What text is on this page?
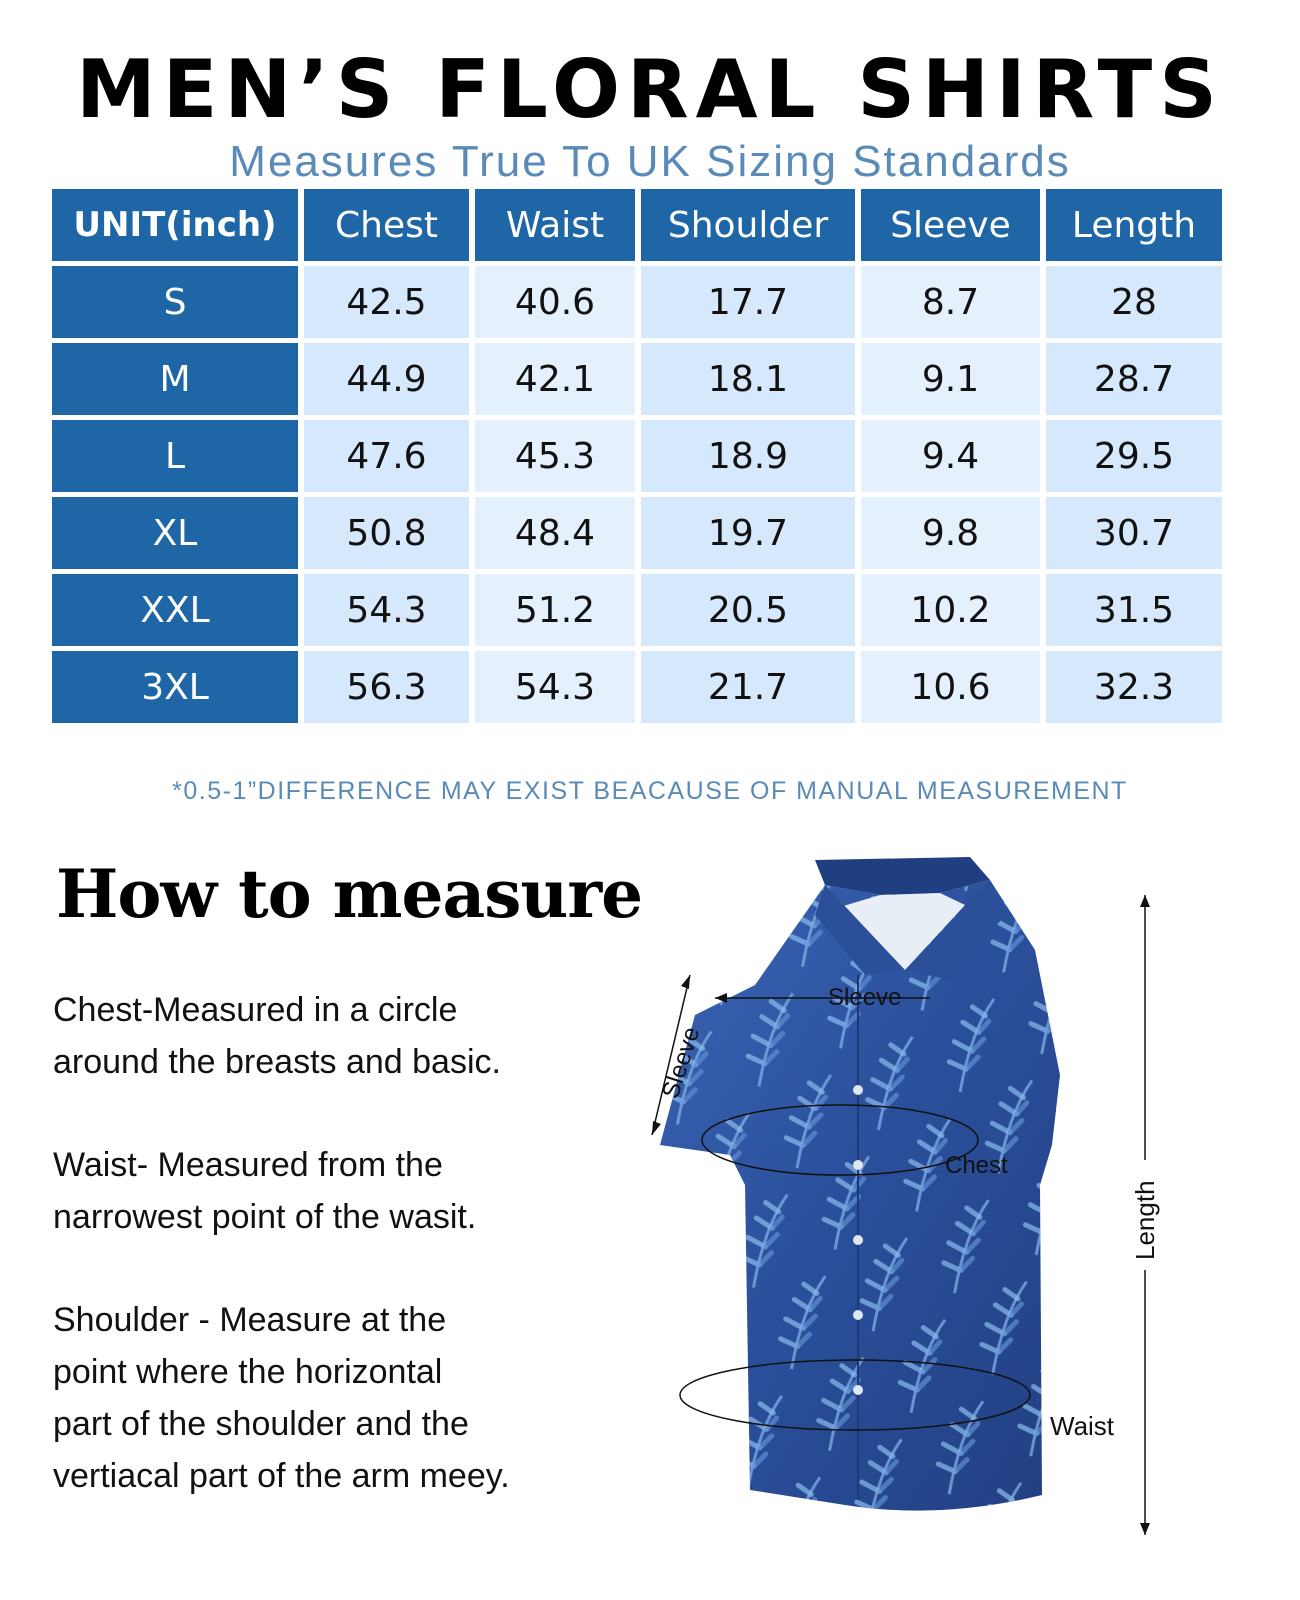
MEN’S FLORAL SHIRTS
Measures True To UK Sizing Standards
UNIT(inch)	Chest	Waist	Shoulder	Sleeve	Length
S	42.5	40.6	17.7	8.7	28
M	44.9	42.1	18.1	9.1	28.7
L	47.6	45.3	18.9	9.4	29.5
XL	50.8	48.4	19.7	9.8	30.7
XXL	54.3	51.2	20.5	10.2	31.5
3XL	56.3	54.3	21.7	10.6	32.3
*0.5-1”DIFFERENCE MAY EXIST BEACAUSE OF MANUAL MEASUREMENT
How to measure
Chest-Measured in a circle
around the breasts and basic.
Waist- Measured from the
narrowest point of the wasit.
Shoulder - Measure at the
point where the horizontal
part of the shoulder and the
vertiacal part of the arm meey.
Sleeve
Sleeve
Chest
Length
Waist
